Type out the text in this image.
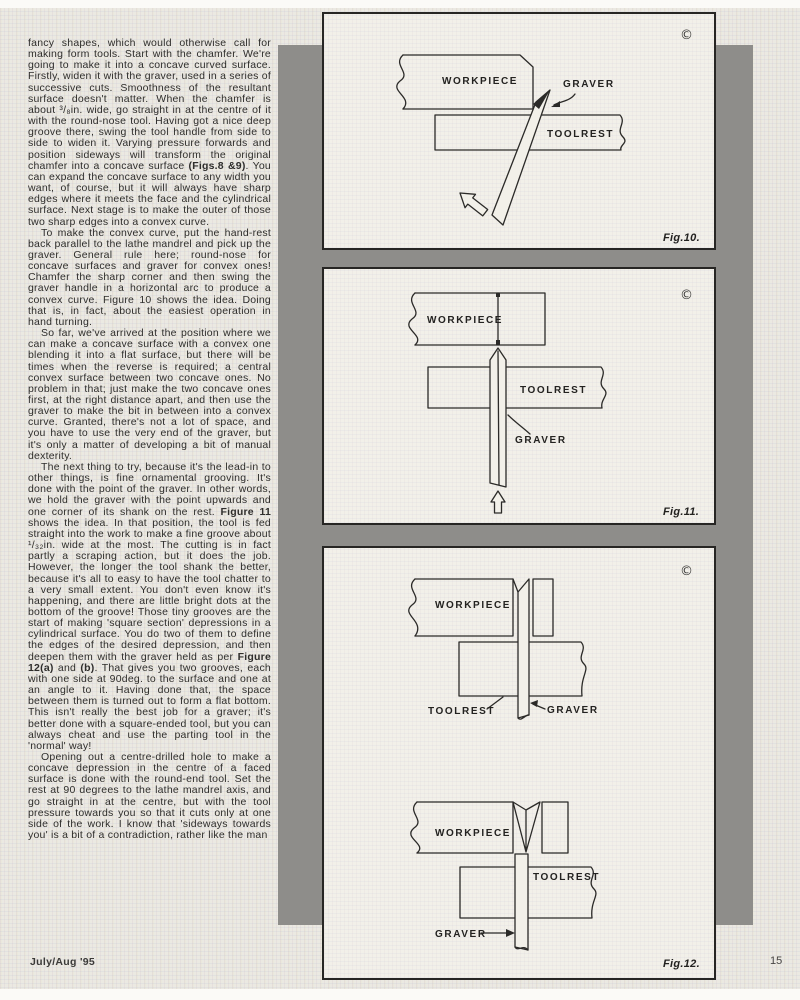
fancy shapes, which would otherwise call for making form tools. Start with the chamfer. We're going to make it into a concave curved surface. Firstly, widen it with the graver, used in a series of successive cuts. Smoothness of the resultant surface doesn't matter. When the chamfer is about ³/₈in. wide, go straight in at the centre of it with the round-nose tool. Having got a nice deep groove there, swing the tool handle from side to side to widen it. Varying pressure forwards and position sideways will transform the original chamfer into a concave surface (Figs.8 &9). You can expand the concave surface to any width you want, of course, but it will always have sharp edges where it meets the face and the cylindrical surface. Next stage is to make the outer of those two sharp edges into a convex curve.

To make the convex curve, put the hand-rest back parallel to the lathe mandrel and pick up the graver. General rule here; round-nose for concave surfaces and graver for convex ones! Chamfer the sharp corner and then swing the graver handle in a horizontal arc to produce a convex curve. Figure 10 shows the idea. Doing that is, in fact, about the easiest operation in hand turning.

So far, we've arrived at the position where we can make a concave surface with a convex one blending it into a flat surface, but there will be times when the reverse is required; a central convex surface between two concave ones. No problem in that; just make the two concave ones first, at the right distance apart, and then use the graver to make the bit in between into a convex curve. Granted, there's not a lot of space, and you have to use the very end of the graver, but it's only a matter of developing a bit of manual dexterity.

The next thing to try, because it's the lead-in to other things, is fine ornamental grooving. It's done with the point of the graver. In other words, we hold the graver with the point upwards and one corner of its shank on the rest. Figure 11 shows the idea. In that position, the tool is fed straight into the work to make a fine groove about ¹/₃₂in. wide at the most. The cutting is in fact partly a scraping action, but it does the job. However, the longer the tool shank the better, because it's all to easy to have the tool chatter to a very small extent. You don't even know it's happening, and there are little bright dots at the bottom of the groove! Those tiny grooves are the start of making 'square section' depressions in a cylindrical surface. You do two of them to define the edges of the desired depression, and then deepen them with the graver held as per Figure 12(a) and (b). That gives you two grooves, each with one side at 90deg. to the surface and one at an angle to it. Having done that, the space between them is turned out to form a flat bottom. This isn't really the best job for a graver; it's better done with a square-ended tool, but you can always cheat and use the parting tool in the 'normal' way!

Opening out a centre-drilled hole to make a concave depression in the centre of a faced surface is done with the round-end tool. Set the rest at 90 degrees to the lathe mandrel axis, and go straight in at the centre, but with the tool pressure towards you so that it cuts only at one side of the work. I know that 'sideways towards you' is a bit of a contradiction, rather like the man

©
WORKPIECE
TOOLREST
GRAVER
Fig.10.
©
WORKPIECE
TOOLREST
GRAVER
Fig.11.
©
WORKPIECE
TOOLREST	GRAVER
WORKPIECE
TOOLREST
GRAVER
Fig.12.
July/Aug '95	15
